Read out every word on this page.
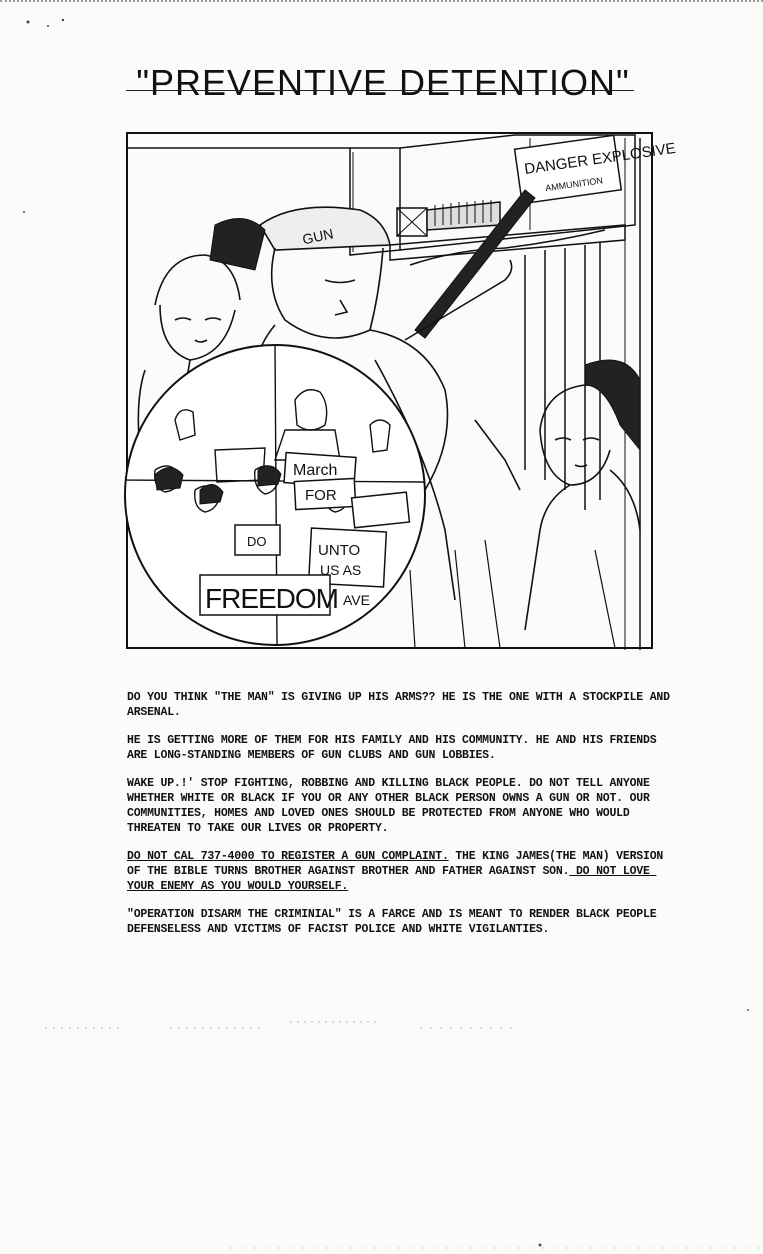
"PREVENTIVE DETENTION"
DANGER EXPLOSIVE
AMMUNITION
GUN
March
FOR
DO
UNTO
US AS
AVE
FREEDOM

DO YOU THINK "THE MAN" IS GIVING UP HIS ARMS?? HE IS THE ONE WITH A STOCKPILE AND ARSENAL.

HE IS GETTING MORE OF THEM FOR HIS FAMILY AND HIS COMMUNITY. HE AND HIS FRIENDS ARE LONG-STANDING MEMBERS OF GUN CLUBS AND GUN LOBBIES.

WAKE UP.!' STOP FIGHTING, ROBBING AND KILLING BLACK PEOPLE. DO NOT TELL ANYONE WHETHER WHITE OR BLACK IF YOU OR ANY OTHER BLACK PERSON OWNS A GUN OR NOT. OUR COMMUNITIES, HOMES AND LOVED ONES SHOULD BE PROTECTED FROM ANYONE WHO WOULD THREATEN TO TAKE OUR LIVES OR PROPERTY.

DO NOT CAL 737-4000 TO REGISTER A GUN COMPLAINT. THE KING JAMES(THE MAN) VERSION OF THE BIBLE TURNS BROTHER AGAINST BROTHER AND FATHER AGAINST SON. DO NOT LOVE YOUR ENEMY AS YOU WOULD YOURSELF.

"OPERATION DISARM THE CRIMINIAL" IS A FARCE AND IS MEANT TO RENDER BLACK PEOPLE DEFENSELESS AND VICTIMS OF FACIST POLICE AND WHITE VIGILANTIES.
